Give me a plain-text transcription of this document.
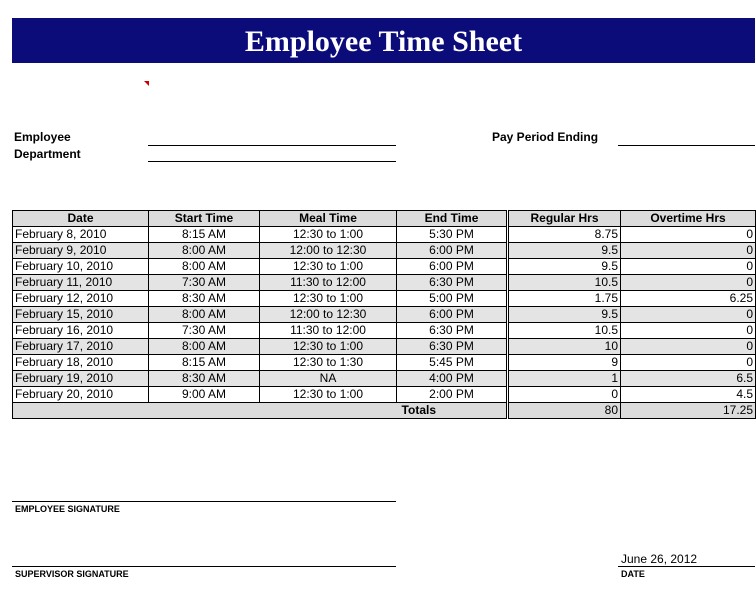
Employee Time Sheet
Employee
Department
Pay Period Ending
Date	Start Time	Meal Time	End Time	Regular Hrs	Overtime Hrs
February 8, 2010	8:15 AM	12:30 to 1:00	5:30 PM	8.75	0
February 9, 2010	8:00 AM	12:00 to 12:30	6:00 PM	9.5	0
February 10, 2010	8:00 AM	12:30 to 1:00	6:00 PM	9.5	0
February 11, 2010	7:30 AM	11:30 to 12:00	6:30 PM	10.5	0
February 12, 2010	8:30 AM	12:30 to 1:00	5:00 PM	1.75	6.25
February 15, 2010	8:00 AM	12:00 to 12:30	6:00 PM	9.5	0
February 16, 2010	7:30 AM	11:30 to 12:00	6:30 PM	10.5	0
February 17, 2010	8:00 AM	12:30 to 1:00	6:30 PM	10	0
February 18, 2010	8:15 AM	12:30 to 1:30	5:45 PM	9	0
February 19, 2010	8:30 AM	NA	4:00 PM	1	6.5
February 20, 2010	9:00 AM	12:30 to 1:00	2:00 PM	0	4.5
Totals				80	17.25
EMPLOYEE SIGNATURE
SUPERVISOR SIGNATURE
June 26, 2012
DATE
